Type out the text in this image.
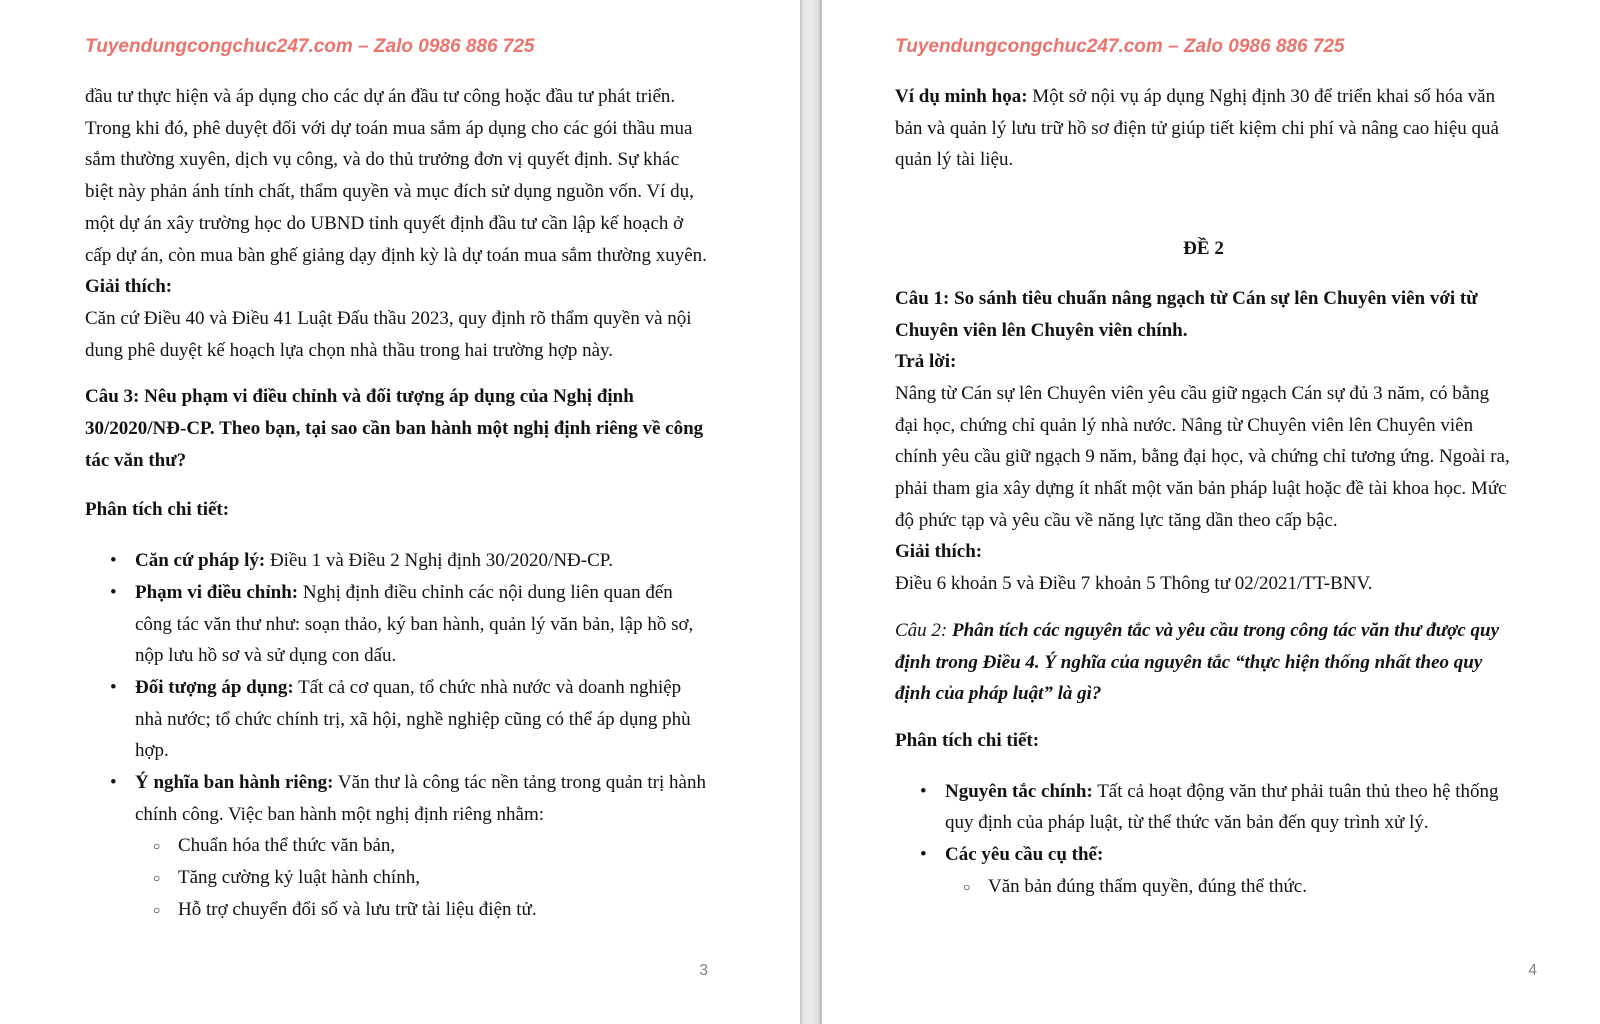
Tuyendungcongchuc247.com – Zalo 0986 886 725

đầu tư thực hiện và áp dụng cho các dự án đầu tư công hoặc đầu tư phát triển. Trong khi đó, phê duyệt đối với dự toán mua sắm áp dụng cho các gói thầu mua sắm thường xuyên, dịch vụ công, và do thủ trưởng đơn vị quyết định. Sự khác biệt này phản ánh tính chất, thẩm quyền và mục đích sử dụng nguồn vốn. Ví dụ, một dự án xây trường học do UBND tỉnh quyết định đầu tư cần lập kế hoạch ở cấp dự án, còn mua bàn ghế giảng dạy định kỳ là dự toán mua sắm thường xuyên.

Giải thích:

Căn cứ Điều 40 và Điều 41 Luật Đấu thầu 2023, quy định rõ thẩm quyền và nội dung phê duyệt kế hoạch lựa chọn nhà thầu trong hai trường hợp này.

Câu 3: Nêu phạm vi điều chỉnh và đối tượng áp dụng của Nghị định 30/2020/NĐ-CP. Theo bạn, tại sao cần ban hành một nghị định riêng về công tác văn thư?

Phân tích chi tiết:

• Căn cứ pháp lý: Điều 1 và Điều 2 Nghị định 30/2020/NĐ-CP.
• Phạm vi điều chỉnh: Nghị định điều chỉnh các nội dung liên quan đến công tác văn thư như: soạn thảo, ký ban hành, quản lý văn bản, lập hồ sơ, nộp lưu hồ sơ và sử dụng con dấu.
• Đối tượng áp dụng: Tất cả cơ quan, tổ chức nhà nước và doanh nghiệp nhà nước; tổ chức chính trị, xã hội, nghề nghiệp cũng có thể áp dụng phù hợp.
• Ý nghĩa ban hành riêng: Văn thư là công tác nền tảng trong quản trị hành chính công. Việc ban hành một nghị định riêng nhằm:
○ Chuẩn hóa thể thức văn bản,
○ Tăng cường kỷ luật hành chính,
○ Hỗ trợ chuyển đổi số và lưu trữ tài liệu điện tử.
3
Tuyendungcongchuc247.com – Zalo 0986 886 725

Ví dụ minh họa: Một sở nội vụ áp dụng Nghị định 30 để triển khai số hóa văn bản và quản lý lưu trữ hồ sơ điện tử giúp tiết kiệm chi phí và nâng cao hiệu quả quản lý tài liệu.

ĐỀ 2

Câu 1: So sánh tiêu chuẩn nâng ngạch từ Cán sự lên Chuyên viên với từ Chuyên viên lên Chuyên viên chính.

Trả lời:

Nâng từ Cán sự lên Chuyên viên yêu cầu giữ ngạch Cán sự đủ 3 năm, có bằng đại học, chứng chỉ quản lý nhà nước. Nâng từ Chuyên viên lên Chuyên viên chính yêu cầu giữ ngạch 9 năm, bằng đại học, và chứng chỉ tương ứng. Ngoài ra, phải tham gia xây dựng ít nhất một văn bản pháp luật hoặc đề tài khoa học. Mức độ phức tạp và yêu cầu về năng lực tăng dần theo cấp bậc.

Giải thích:

Điều 6 khoản 5 và Điều 7 khoản 5 Thông tư 02/2021/TT-BNV.

Câu 2: Phân tích các nguyên tắc và yêu cầu trong công tác văn thư được quy định trong Điều 4. Ý nghĩa của nguyên tắc “thực hiện thống nhất theo quy định của pháp luật” là gì?

Phân tích chi tiết:

• Nguyên tắc chính: Tất cả hoạt động văn thư phải tuân thủ theo hệ thống quy định của pháp luật, từ thể thức văn bản đến quy trình xử lý.
• Các yêu cầu cụ thể:
○ Văn bản đúng thẩm quyền, đúng thể thức.
4
